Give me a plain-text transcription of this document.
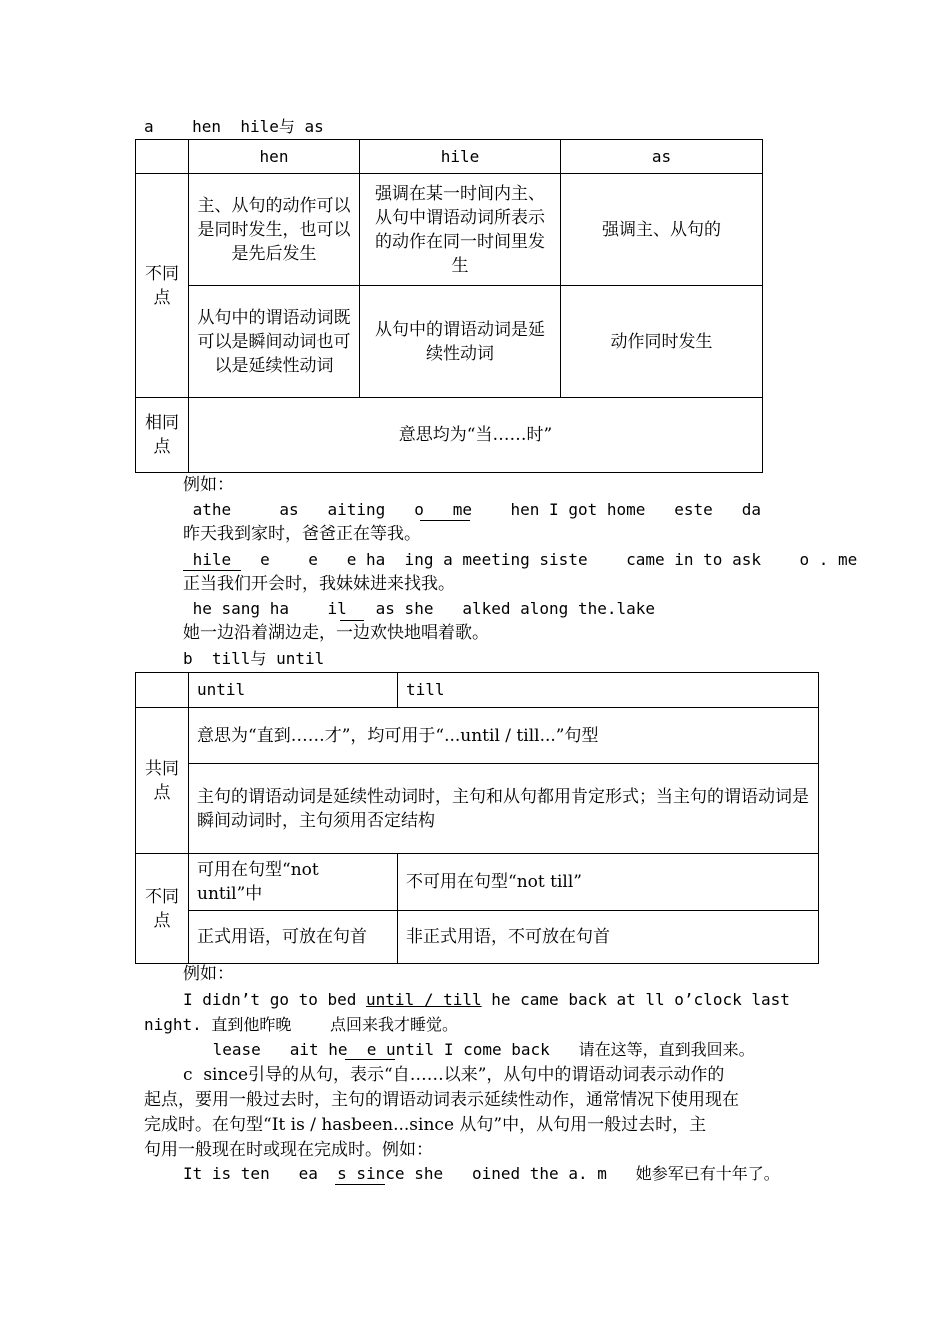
a    hen  hile与 as
	hen	hile	as
不同点	主、从句的动作可以是同时发生，也可以是先后发生	强调在某一时间内主、从句中谓语动词所表示的动作在同一时间里发生	强调主、从句的
	从句中的谓语动词既可以是瞬间动词也可以是延续性动词	从句中的谓语动词是延续性动词	动作同时发生
相同点	意思均为“当……时”		
例如：
athe     as   aiting   o   me    hen I got home   este   da
昨天我到家时，爸爸正在等我。
hile   e    e   e ha  ing a meeting siste    came in to ask    o . me
正当我们开会时，我妹妹进来找我。
he sang ha    il   as she   alked along the.lake
她一边沿着湖边走，一边欢快地唱着歌。
b  till与 until
	until	till
共同点	意思为“直到……才”，均可用于“...until / till...”句型	
	主句的谓语动词是延续性动词时，主句和从句都用肯定形式；当主句的谓语动词是瞬间动词时，主句须用否定结构	
不同点	可用在句型“not until”中	不可用在句型“not till”
	正式用语，可放在句首	非正式用语，不可放在句首
例如：
I didn’t go to bed until / till he came back at ll o’clock last
night. 直到他昨晚    点回来我才睡觉。
lease   ait he  e until I come back   请在这等，直到我回来。
c  since引导的从句，表示“自……以来”，从句中的谓语动词表示动作的
起点，要用一般过去时，主句的谓语动词表示延续性动作，通常情况下使用现在
完成时。在句型“It is / hasbeen...since 从句”中，从句用一般过去时，主
句用一般现在时或现在完成时。例如：
It is ten   ea  s since she   oined the a. m   她参军已有十年了。
